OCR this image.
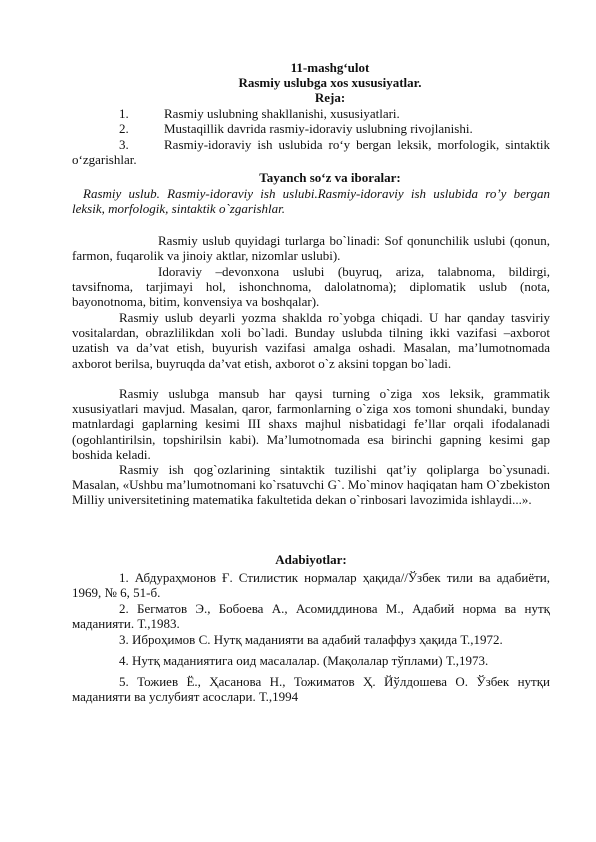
11-mashg‘ulot
Rasmiy uslubga xos xususiyatlar.
Reja:
1.	Rasmiy uslubning shakllanishi, xususiyatlari.
2.	Mustaqillik davrida rasmiy-idoraviy uslubning rivojlanishi.
3.	Rasmiy-idoraviy ish uslubida ro‘y bergan leksik, morfologik, sintaktik o‘zgarishlar.
Tayanch so‘z va iboralar:
Rasmiy uslub. Rasmiy-idoraviy ish uslubi.Rasmiy-idoraviy ish uslubida ro’y bergan leksik, morfologik, sintaktik o`zgarishlar.
Rasmiy uslub quyidagi turlarga bo`linadi: Sof qonunchilik uslubi (qonun, farmon, fuqarolik va jinoiy aktlar, nizomlar uslubi).
Idoraviy –devonxona uslubi (buyruq, ariza, talabnoma, bildirgi, tavsifnoma, tarjimayi hol, ishonchnoma, dalolatnoma); diplomatik uslub (nota, bayonotnoma, bitim, konvensiya va boshqalar).
Rasmiy uslub deyarli yozma shaklda ro`yobga chiqadi. U har qanday tasviriy vositalardan, obrazlilikdan xoli bo`ladi. Bunday uslubda tilning ikki vazifasi –axborot uzatish va da’vat etish, buyurish vazifasi amalga oshadi. Masalan, ma’lumotnomada axborot berilsa, buyruqda da’vat etish, axborot o`z aksini topgan bo`ladi.
Rasmiy uslubga mansub har qaysi turning o`ziga xos leksik, grammatik xususiyatlari mavjud. Masalan, qaror, farmonlarning o`ziga xos tomoni shundaki, bunday matnlardagi gaplarning kesimi III shaxs majhul nisbatidagi fe’llar orqali ifodalanadi (ogohlantirilsin, topshirilsin kabi). Ma’lumotnomada esa birinchi gapning kesimi gap boshida keladi.
Rasmiy ish qog`ozlarining sintaktik tuzilishi qat’iy qoliplarga bo`ysunadi. Masalan, «Ushbu ma’lumotnomani ko`rsatuvchi G`. Mo`minov haqiqatan ham O`zbekiston Milliy universitetining matematika fakultetida dekan o`rinbosari lavozimida ishlaydi...».
Adabiyotlar:
1. Абдураҳмонов Ғ. Стилистик нормалар ҳақида//Ўзбек тили ва адабиёти, 1969, № 6, 51-б.
2. Бегматов Э., Бобоева А., Асомиддинова М., Адабий норма ва нутқ маданияти. Т.,1983.
3. Иброҳимов С. Нутқ маданияти ва адабий талаффуз ҳақида Т.,1972.
4. Нутқ маданиятига оид масалалар. (Мақолалар тўплами) Т.,1973.
5. Тожиев Ё., Ҳасанова Н., Тожиматов Ҳ. Йўлдошева О. Ўзбек нутқи маданияти ва услубият асослари. Т.,1994
